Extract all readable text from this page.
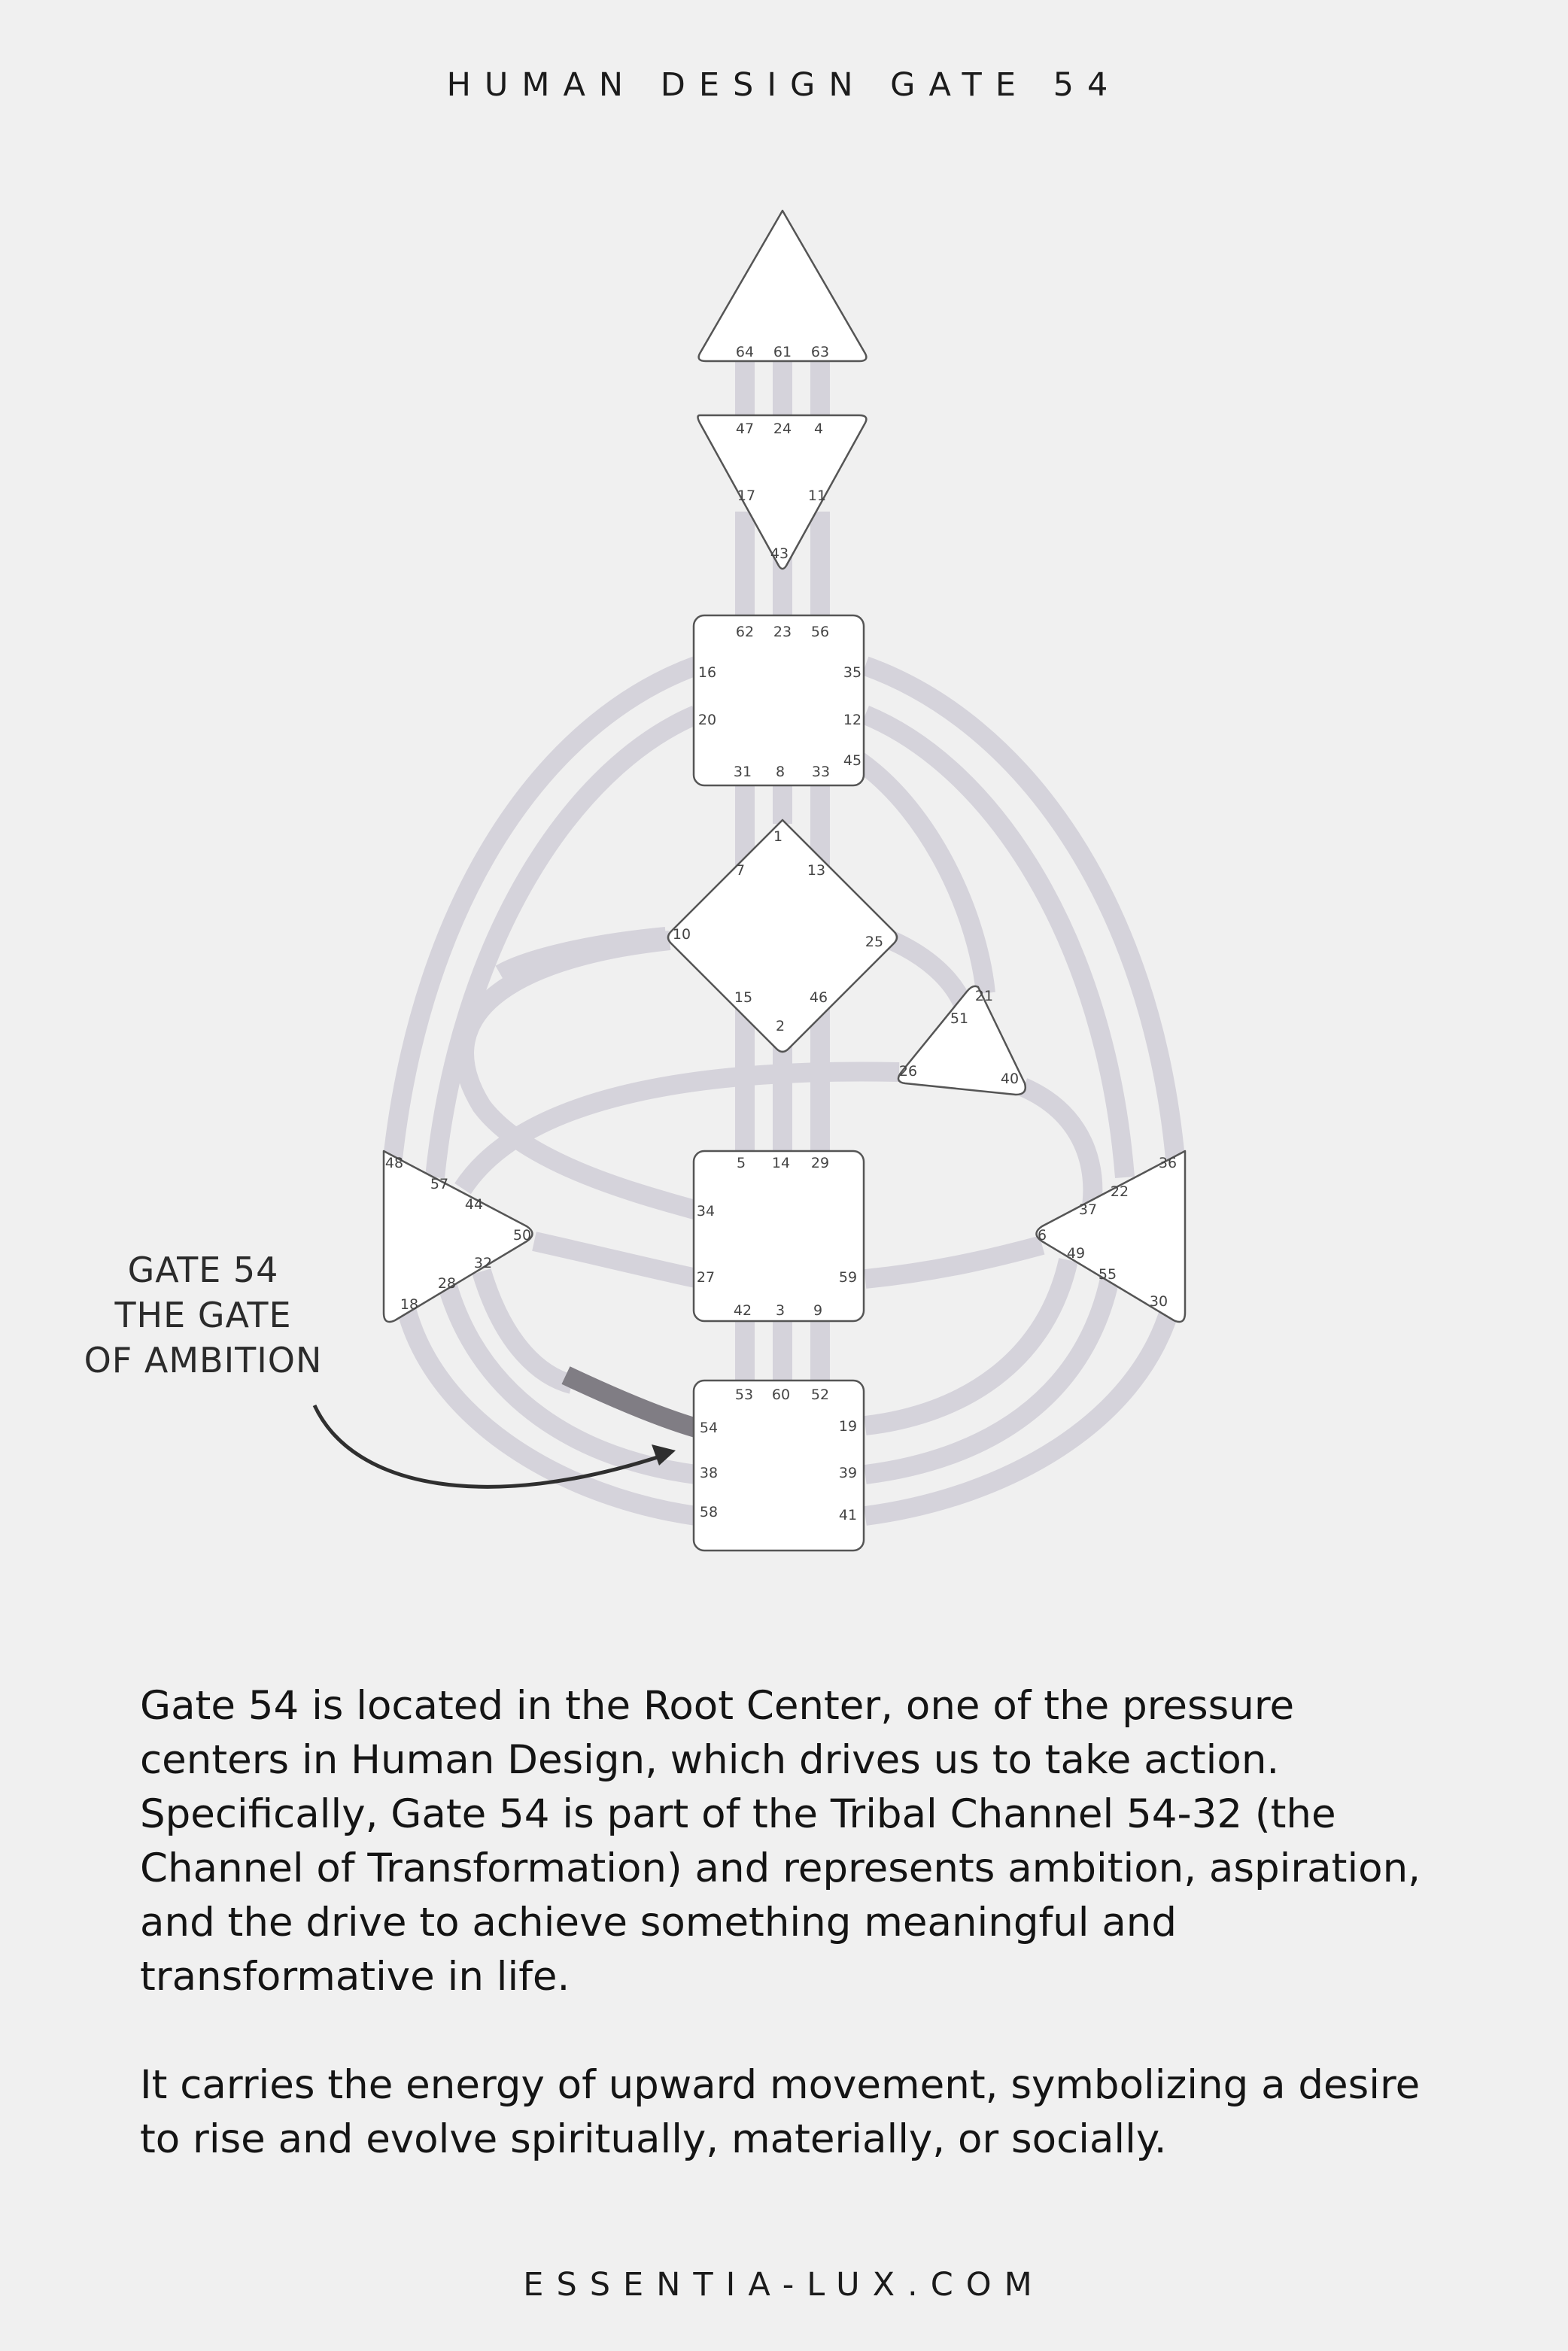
HUMAN DESIGN GATE 54
64 61 63
47 24 4
17	11
43
62 23 56
16	35
20	12
45
31 8 33
1
7	13
10	25
15	46
2
21
51
26	40
5 14 29
34
27	59
42 3 9
48
57
44
50
32
28
18
36
22
37
6
49
55
30
53 60 52
54	19
38	39
58	41
GATE 54
THE GATE
OF AMBITION

Gate 54 is located in the Root Center, one of the pressure centers in Human Design, which drives us to take action. Specifically, Gate 54 is part of the Tribal Channel 54-32 (the Channel of Transformation) and represents ambition, aspiration, and the drive to achieve something meaningful and transformative in life.

It carries the energy of upward movement, symbolizing a desire to rise and evolve spiritually, materially, or socially.

ESSENTIA-LUX.COM
